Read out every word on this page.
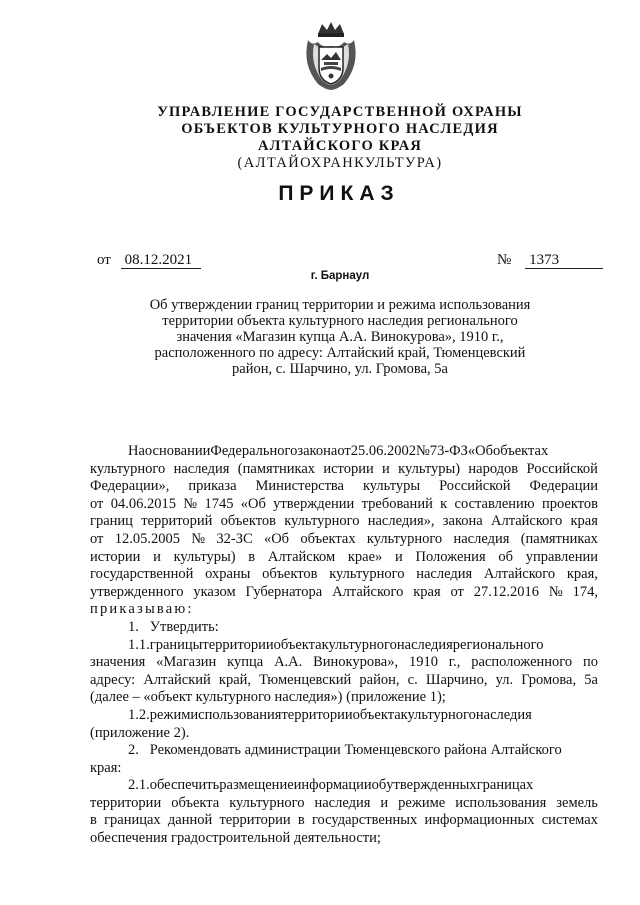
УПРАВЛЕНИЕ ГОСУДАРСТВЕННОЙ ОХРАНЫ
ОБЪЕКТОВ КУЛЬТУРНОГО НАСЛЕДИЯ
АЛТАЙСКОГО КРАЯ
(АЛТАЙОХРАНКУЛЬТУРА)
ПРИКАЗ
от 08.12.2021	№ 1373
г. Барнаул
Об утверждении границ территории и режима использования
территории объекта культурного наследия регионального
значения «Магазин купца А.А. Винокурова», 1910 г.,
расположенного по адресу: Алтайский край, Тюменцевский
район, с. Шарчино, ул. Громова, 5а
На основании Федерального закона от 25.06.2002 № 73-ФЗ «Об объектах
культурного наследия (памятниках истории и культуры) народов Российской
Федерации», приказа Министерства культуры Российской Федерации
от 04.06.2015 № 1745 «Об утверждении требований к составлению проектов
границ территорий объектов культурного наследия», закона Алтайского края
от 12.05.2005 № 32-ЗС «Об объектах культурного наследия (памятниках
истории и культуры) в Алтайском крае» и Положения об управлении
государственной охраны объектов культурного наследия Алтайского края,
утвержденного указом Губернатора Алтайского края от 27.12.2016 № 174,
приказываю:
1.   Утвердить:
1.1. границы территории объекта культурного наследия регионального
значения «Магазин купца А.А. Винокурова», 1910 г., расположенного по
адресу: Алтайский край, Тюменцевский район, с. Шарчино, ул. Громова, 5а
(далее – «объект культурного наследия») (приложение 1);
1.2. режим использования территории объекта культурного наследия
(приложение 2).
2.   Рекомендовать администрации Тюменцевского района Алтайского
края:
2.1. обеспечить размещение информации об утвержденных границах
территории объекта культурного наследия и режиме использования земель
в границах данной территории в государственных информационных системах
обеспечения градостроительной деятельности;
